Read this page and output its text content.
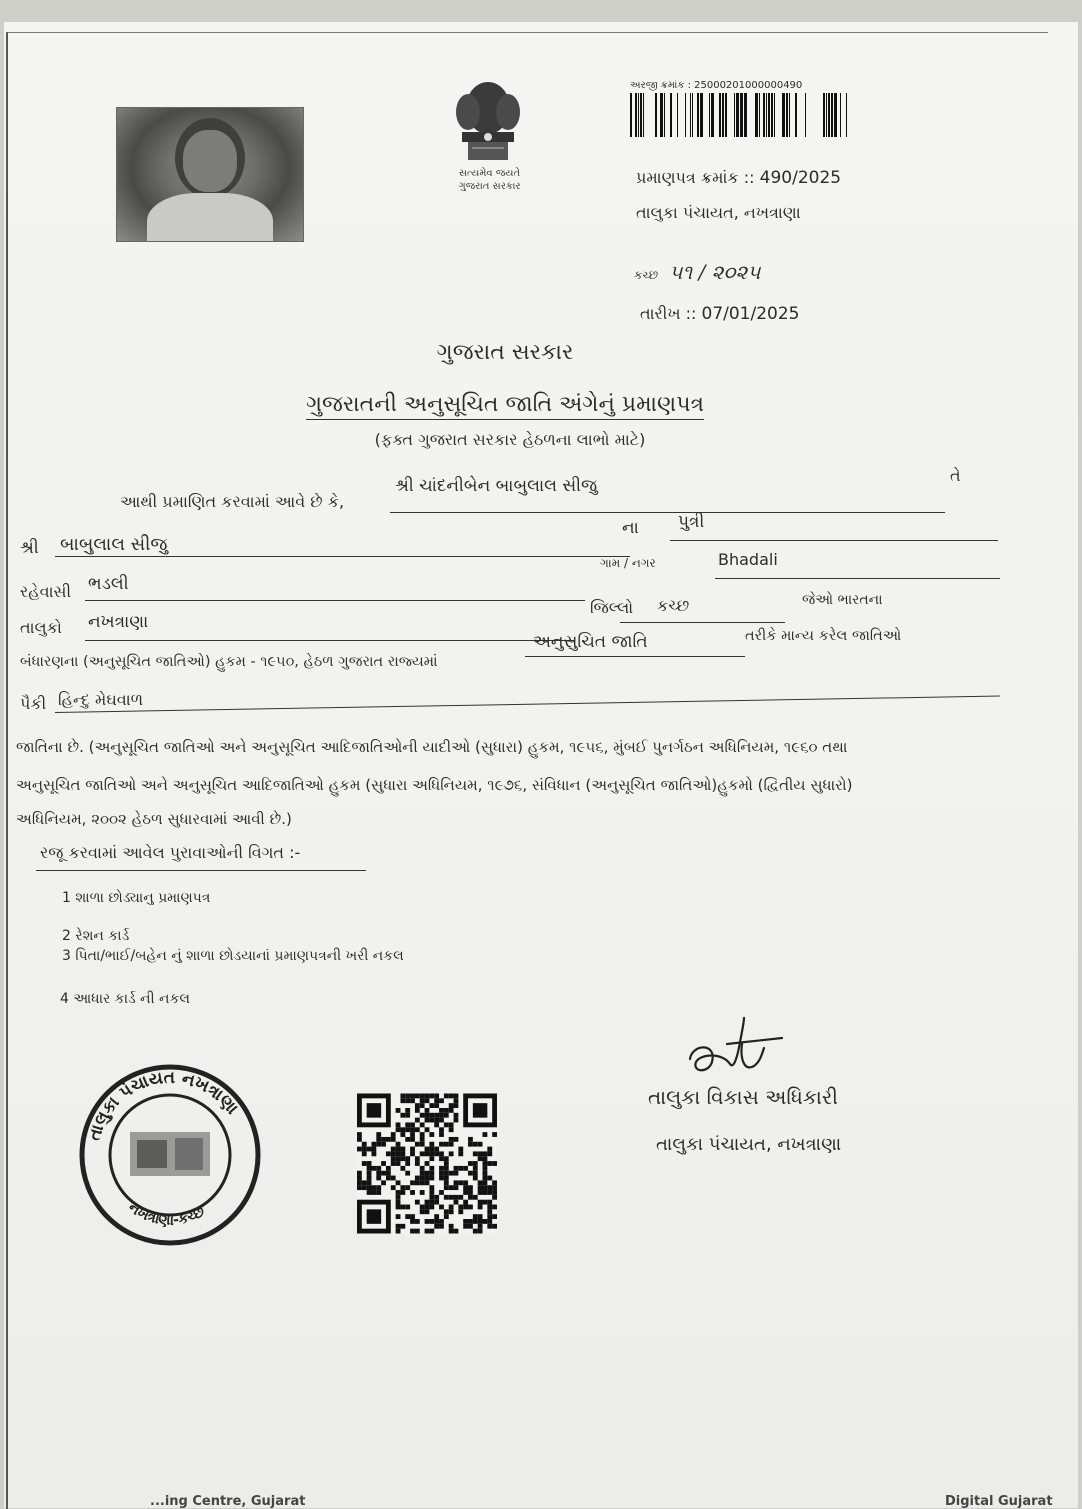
સત્યમેવ જયતે
ગુજરાત સરકાર
અરજી ક્રમાંક : 25000201000000490
પ્રમાણપત્ર ક્રમાંક :: 490/2025
તાલુકા પંચાયત, નખત્રાણા
કચ્છ ૫૧ / ૨૦૨૫
તારીખ :: 07/01/2025
ગુજરાત સરકાર
ગુજરાતની અનુસૂચિત જાતિ અંગેનું પ્રમાણપત્ર
(ફક્ત ગુજરાત સરકાર હેઠળના લાભો માટે)
આથી પ્રમાણિત કરવામાં આવે છે કે,
શ્રી ચાંદનીબેન બાબુલાલ સીજુ
તે
શ્રી બાબુલાલ સીજુ
ના પુત્રી
રહેવાસી ભડલી
ગામ / નગર	Bhadali
તાલુકો નખત્રાણા
જિલ્લો કચ્છ	જેઓ ભારતના
બંધારણના (અનુસૂચિત જાતિઓ) હુકમ - ૧૯૫૦, હેઠળ ગુજરાત રાજ્યમાં
અનુસુચિત જાતિ	તરીકે માન્ય કરેલ જાતિઓ
પૈકી હિન્દુ મેઘવાળ
જાતિના છે. (અનુસૂચિત જાતિઓ અને અનુસૂચિત આદિજાતિઓની યાદીઓ (સુધારા) હુકમ, ૧૯૫૬, મુંબઈ પુનર્ગઠન અધિનિયમ, ૧૯૬૦ તથા
અનુસૂચિત જાતિઓ અને અનુસૂચિત આદિજાતિઓ હુકમ (સુધારા અધિનિયમ, ૧૯૭૬, સંવિધાન (અનુસૂચિત જાતિઓ)હુકમો (દ્વિતીય સુધારો)
અધિનિયમ, ૨૦૦૨ હેઠળ સુધારવામાં આવી છે.)
રજૂ કરવામાં આવેલ પુરાવાઓની વિગત :-
1 શાળા છોડ્યાનુ પ્રમાણપત્ર
2 રેશન કાર્ડ
3 પિતા/ભાઈ/બહેન નું શાળા છોડયાનાં પ્રમાણપત્રની ખરી નકલ
4 આધાર કાર્ડ ની નકલ
તાલુકા વિકાસ અધિકારી
તાલુકા પંચાયત, નખત્રાણા
તાલુકા પંચાયત નખત્રાણા
નખત્રાણા-કચ્છ
...ing Centre, Gujarat	Digital Gujarat
